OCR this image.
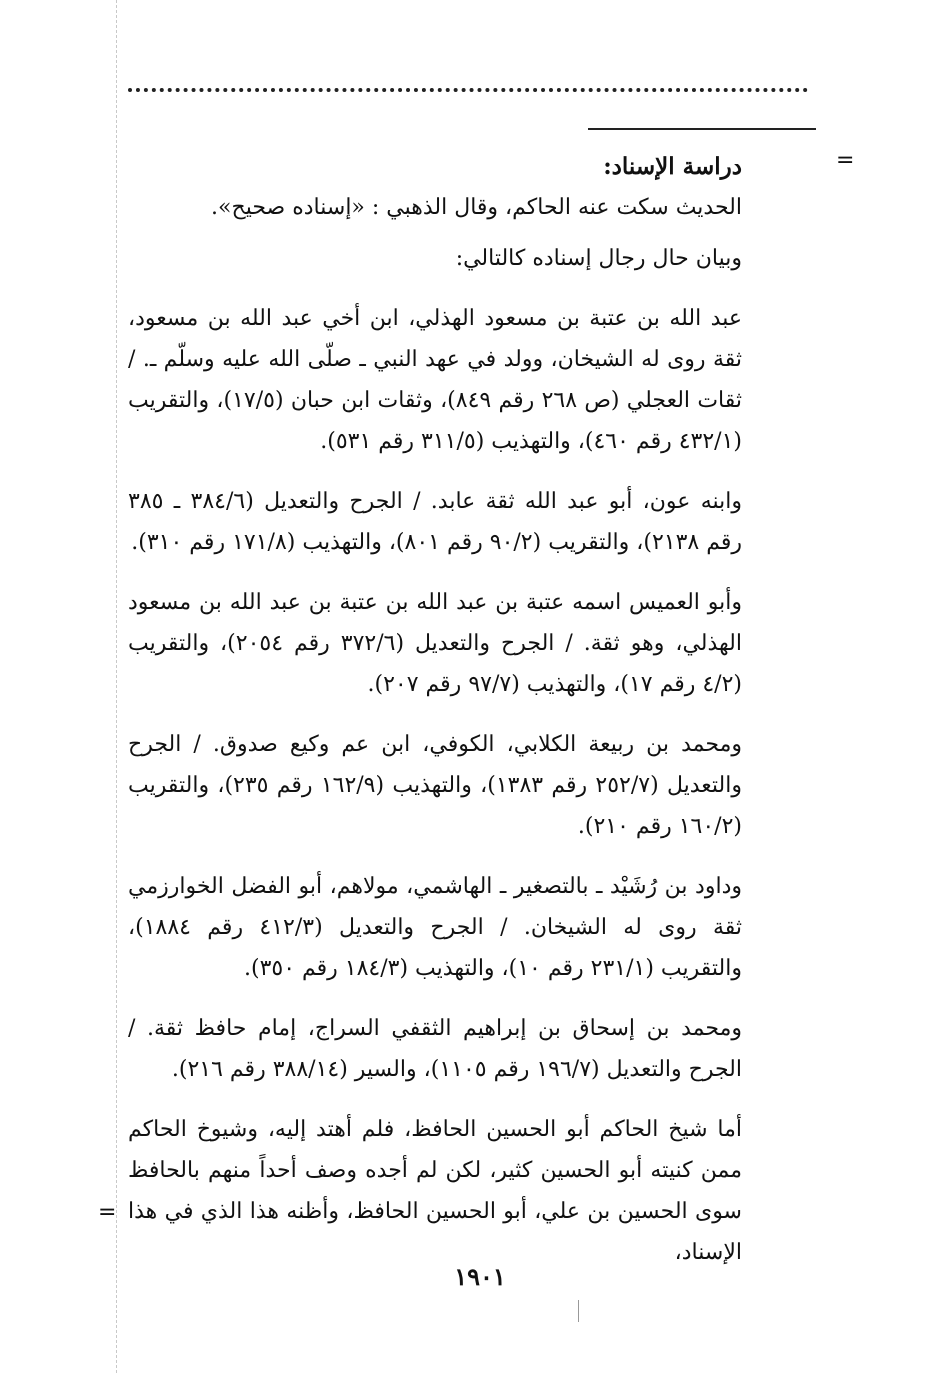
=
=

دراسة الإسناد:

الحديث سكت عنه الحاكم، وقال الذهبي : «إسناده صحيح».

وبيان حال رجال إسناده كالتالي:

عبد الله بن عتبة بن مسعود الهذلي، ابن أخي عبد الله بن مسعود، ثقة روى له الشيخان، وولد في عهد النبي ـ صلّى الله عليه وسلّم ـ. / ثقات العجلي (ص ٢٦٨ رقم ٨٤٩)، وثقات ابن حبان (١٧/٥)، والتقريب (٤٣٢/١ رقم ٤٦٠)، والتهذيب (٣١١/٥ رقم ٥٣١).

وابنه عون، أبو عبد الله ثقة عابد. / الجرح والتعديل (٣٨٤/٦ ـ ٣٨٥ رقم ٢١٣٨)، والتقريب (٩٠/٢ رقم ٨٠١)، والتهذيب (١٧١/٨ رقم ٣١٠).

وأبو العميس اسمه عتبة بن عبد الله بن عتبة بن عبد الله بن مسعود الهذلي، وهو ثقة. / الجرح والتعديل (٣٧٢/٦ رقم ٢٠٥٤)، والتقريب (٤/٢ رقم ١٧)، والتهذيب (٩٧/٧ رقم ٢٠٧).

ومحمد بن ربيعة الكلابي، الكوفي، ابن عم وكيع صدوق. / الجرح والتعديل (٢٥٢/٧ رقم ١٣٨٣)، والتهذيب (١٦٢/٩ رقم ٢٣٥)، والتقريب (١٦٠/٢ رقم ٢١٠).

وداود بن رُشَيْد ـ بالتصغير ـ الهاشمي، مولاهم، أبو الفضل الخوارزمي ثقة روى له الشيخان. / الجرح والتعديل (٤١٢/٣ رقم ١٨٨٤)، والتقريب (٢٣١/١ رقم ١٠)، والتهذيب (١٨٤/٣ رقم ٣٥٠).

ومحمد بن إسحاق بن إبراهيم الثقفي السراج، إمام حافظ ثقة. / الجرح والتعديل (١٩٦/٧ رقم ١١٠٥)، والسير (٣٨٨/١٤ رقم ٢١٦).

أما شيخ الحاكم أبو الحسين الحافظ، فلم أهتد إليه، وشيوخ الحاكم ممن كنيته أبو الحسين كثير، لكن لم أجده وصف أحداً منهم بالحافظ سوى الحسين بن علي، أبو الحسين الحافظ، وأظنه هذا الذي في هذا الإسناد،

١٩٠١
